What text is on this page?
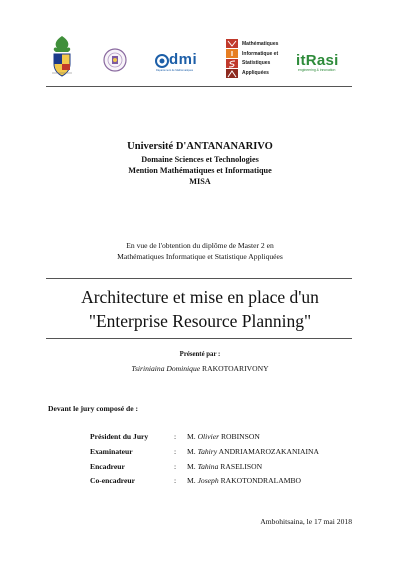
dmi
Département de Mathématiques
Mathématiques
Informatique et
Statistiques
Appliquées
itRasi
engineering & innovation
Université D'ANTANANARIVO
Domaine Sciences et Technologies
Mention Mathématiques et Informatique
MISA
En vue de l'obtention du diplôme de Master 2 en
Mathématiques Informatique et Statistique Appliquées
Architecture et mise en place d'un
"Enterprise Resource Planning"
Présenté par :
Tsiriniaina Dominique RAKOTOARIVONY
Devant le jury composé de :
Président du Jury	: M. Olivier ROBINSON
Examinateur	: M. Tahiry ANDRIAMAROZAKANIAINA
Encadreur	: M. Tahina RASELISON
Co-encadreur	: M. Joseph RAKOTONDRALAMBO
Ambohitsaina, le 17 mai 2018
